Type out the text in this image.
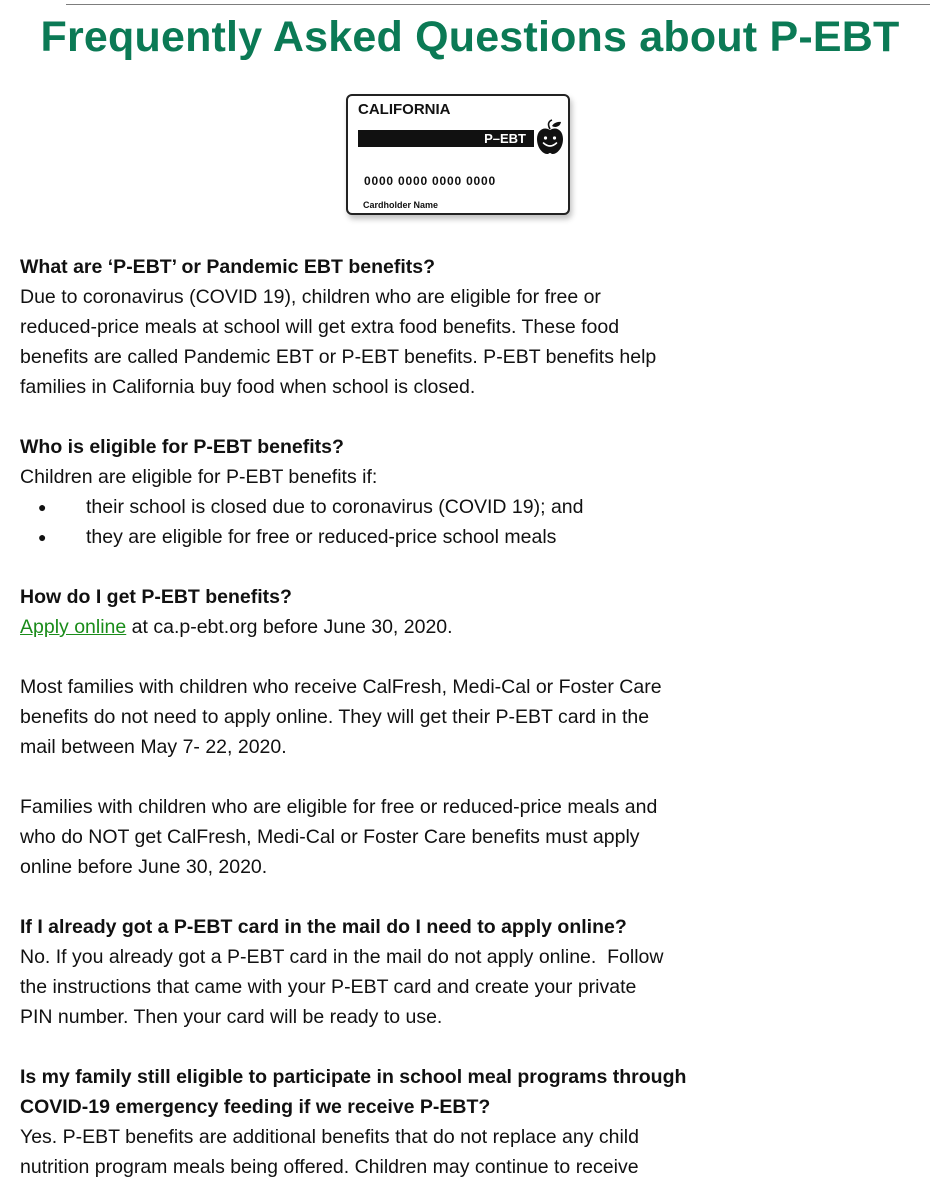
Frequently Asked Questions about P-EBT
CALIFORNIA
P–EBT
0000 0000 0000 0000
Cardholder Name

What are ‘P-EBT’ or Pandemic EBT benefits?

Due to coronavirus (COVID 19), children who are eligible for free or

reduced-price meals at school will get extra food benefits. These food

benefits are called Pandemic EBT or P-EBT benefits. P-EBT benefits help

families in California buy food when school is closed.

Who is eligible for P-EBT benefits?

Children are eligible for P-EBT benefits if:

● their school is closed due to coronavirus (COVID 19); and

● they are eligible for free or reduced-price school meals

How do I get P-EBT benefits?

Apply online at ca.p-ebt.org before June 30, 2020.

Most families with children who receive CalFresh, Medi-Cal or Foster Care

benefits do not need to apply online. They will get their P-EBT card in the

mail between May 7- 22, 2020.

Families with children who are eligible for free or reduced-price meals and

who do NOT get CalFresh, Medi-Cal or Foster Care benefits must apply

online before June 30, 2020.

If I already got a P-EBT card in the mail do I need to apply online?

No. If you already got a P-EBT card in the mail do not apply online.  Follow

the instructions that came with your P-EBT card and create your private

PIN number. Then your card will be ready to use.

Is my family still eligible to participate in school meal programs through

COVID-19 emergency feeding if we receive P-EBT?

Yes. P-EBT benefits are additional benefits that do not replace any child

nutrition program meals being offered. Children may continue to receive
